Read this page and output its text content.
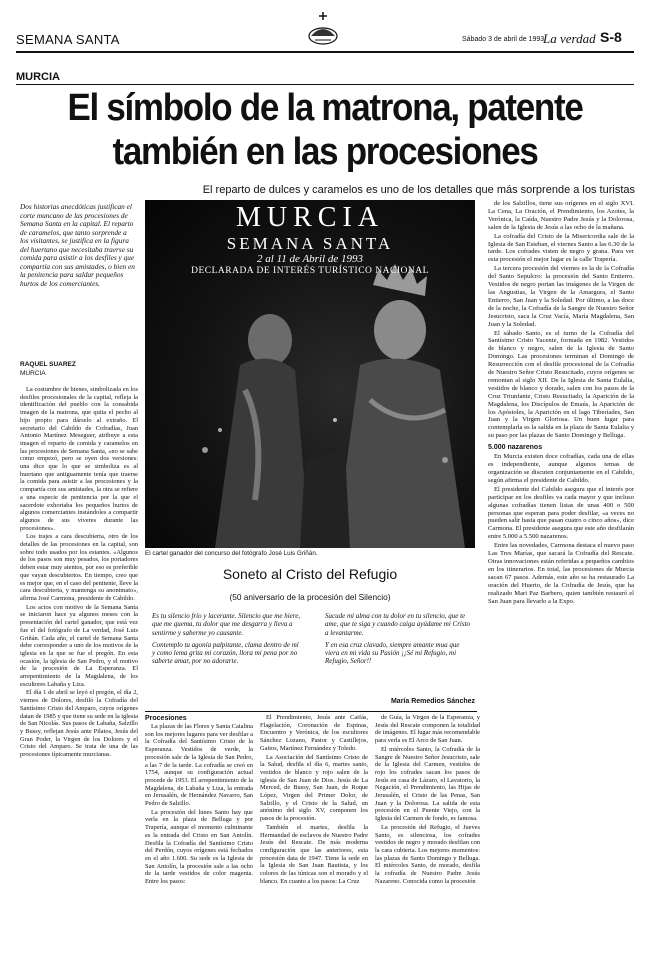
SEMANA SANTA	Sábado 3 de abril de 1993
La verdad S-8
MURCIA
El símbolo de la matrona, patente
también en las procesiones
El reparto de dulces y caramelos es uno de los detalles que más sorprende a los turistas
Dos historias anecdóticas justifican el corte muncano de las procesiones de Semana Santa en la capital. El reparto de caramelos, que tanto sorprende a los visitantes, se justifica en la figura del huertano que necesitaba traerse su comida para asistir a los desfiles y que compartía con sus amistades, o bien en la penitencia para saldar pequeños hurtos de los comerciantes.
RAQUEL SUAREZ
MURCIA
MURCIA
SEMANA SANTA
2 al 11 de Abril de 1993
DECLARADA DE INTERÉS TURÍSTICO NACIONAL
El cartel ganador del concurso del fotógrafo José Luis Griñán.

La costumbre de bienes, simbolizada en los desfiles procesionales de la capital, refleja la identificación del pueblo con la consabida imagen de la matrona, que quita el pecho al hijo propio para dárselo al extraño. El secretario del Cabildo de Cofradías, Juan Antonio Martínez Meseguer, atribuye a esta imagen el reparto de comida y caramelos en las procesiones de Semana Santa, «no se sabe como empezó, pero se oyen dos versiones: una dice que lo que se simboliza es al huertano que antiguamente tenía que traerse la comida para asistir a las procesiones y la compartía con sus amistades, la otra se refiere a una especie de penitencia por la que el sacerdote exhortaba los pequeños hurtos de algunos comerciantes instándoles a compartir algunos de sus víveres durante las procesiones».

Los trajes a cara descubierta, otro de los detalles de las procesiones en la capital, son sobre todo usados por los estantes. «Algunos de los pasos son muy pesados, los portadores deben estar muy atentos, por eso es preferible que vayan descubiertos. En tiempo, creo que es mejor que, en el caso del penitente, lleve la cara descubierta, y mantenga su anonimato», afirma José Carmona, presidente de Cabildo.

Los actos con motivo de la Semana Santa se iniciaron hace ya algunos meses con la presentación del cartel ganador, que está vez fue el del fotógrafo de La verdad, José Luis Griñán. Cada año, el cartel de Semana Santa debe corresponder a uno de los motivos de la iglesia en la que se fue el pregón. En esta ocasión, la iglesia de San Pedro, y el motivo de la procesión de La Esperanza. El arrepentimiento de la Magdalena, de los escultores Labaña y Liza.

El día 1 de abril se leyó el pregón, el día 2, viernes de Dolores, desfiló la Cofradía del Santísimo Cristo del Amparo, cuyos orígenes datan de 1985 y que tiene su sede en la iglesia de San Nicolás. Sus pasos de Labaña, Salzillo y Bussy, reflejan Jesús ante Pilatos, Jesús del Gran Poder, la Virgen de los Dolores y el Cristo del Amparo. Se trata de una de las procesiones típicamente murcianas.

Soneto al Cristo del Refugio
(50 aniversario de la procesión del Silencio)

Es tu silencio frío y lacerante. Silencio que me hiere, que me quema, tu dolor que me desgarra y lleva a sentirme y saberme yo causante.

Contemplo tu agonía palpitante, clama dentro de mí y como lema grita mi corazón, llora mi pena por no saberte amar, por no adorarte.

Sacude mi alma con tu dolor en tu silencio, que te ame, que te siga y cuando caiga ayúdame mi Cristo a levantarme.

Y en esa cruz clavado, siempre amante mua que viera en mi vida su Pasión ¡¡Sé mi Refugio, mi Refugio, Señor!!

María Remedios Sánchez
Procesiones

La plazas de las Flores y Santa Catalina son los mejores lugares para ver desfilar a la Cofradía del Santísimo Cristo de la Esperanza. Vestidos de verde, la procesión sale de la Iglesia de San Pedro, a las 7 de la tarde. La cofradía se creó en 1754, aunque su configuración actual procede de 1953. El arrepentimiento de la Magdalena, de Labaña y Liza, la entrada en Jerusalén, de Hernández Navarro, San Pedro de Salzillo.

La procesión del lunes Santo hay que verla en la plaza de Belluga y por Trapería, aunque el momento culminante es la entrada del Cristo en San Antolín. Desfila la Cofradía del Santísimo Cristo del Perdón, cuyos orígenes está fechados en el año 1.600. Su sede es la Iglesia de San Antolín, la procesión sale a las ocho de la tarde vestidos de color magenta. Entre los pasos:

El Prendimiento, Jesús ante Caifás, Flagelación, Coronación de Espinas, Encuentro y Verónica, de los escultores Sánchez Lozano, Pastor y Castillejos, Gaitos, Martínez Fernández y Toledo.

La Asociación del Santísimo Cristo de la Salud, desfila el día 6, martes santo, vestidos de blanco y rojo salen de la iglesia de San Juan de Dios. Jesús de La Merced, de Bussy, San Juan, de Roque López, Virgen del Primer Dolor, de Salzillo, y el Cristo de la Salud, un anónimo del siglo XV, componen los pasos de la procesión.

También el martes, desfila la Hermandad de esclavos de Nuestro Padre Jesús del Rescate. De más moderna configuración que las anteriores, esta procesión data de 1947. Tiene la sede en la Iglesia de San Juan Bautista, y los colores de las túnicas son el morado y el blanco. En cuanto a los pasos: La Cruz

de Guía, la Virgen de la Esperanza, y Jesús del Rescate componen la totalidad de imágenes. El lugar más recomendable para verla es El Arco de San Juan.

El miércoles Santo, la Cofradía de la Sangre de Nuestro Señor Jesucristo, sale de la Iglesia del Carmen, vestidos de rojo los cofrades sacan los pasos de Jesús en casa de Lázaro, el Lavatorio, la Negación, el Prendimiento, las Hijas de Jerusalén, el Cristo de las Penas, San Juan y la Dolorosa. La salida de esta procesión en el Puente Viejo, con la Iglesia del Carmen de fondo, es famosa.

La procesión del Refugio, el Jueves Santo, es silenciosa, los cofrades vestidos de negro y morado desfilan con la cara cubierta. Los mejores momentos: las plazas de Santo Domingo y Belluga. El miércoles Santo, de morado, desfila la cofradía de Nuestro Padre Jesús Nazareno. Conocida como la procesión

de los Salzillos, tiene sus orígenes en el siglo XVI. La Cena, La Oración, el Prendimiento, los Azotes, la Verónica, la Caída, Nuestro Padre Jesús y la Dolorosa, salen de la Iglesia de Jesús a las ocho de la mañana.

La cofradía del Cristo de la Misericordia sale de la Iglesia de San Esteban, el viernes Santo a las 6.30 de la tarde. Los cofrades visten de negro y grana. Para ver esta procesión el mejor lugar es la calle Trapería.

La tercera procesión del viernes es la de la Cofradía del Santo Sepulcro: la procesión del Santo Entierro. Vestidos de negro portan las imágenes de la Virgen de las Angustias, la Virgen de la Amargura, el Santo Entierro, San Juan y la Soledad. Por último, a las doce de la noche, la Cofradía de la Sangre de Nuestro Señor Jesucristo, saca la Cruz Vacía, María Magdalena, San Juan y la Soledad.

El sábado Santo, es el turno de la Cofradía del Santísimo Cristo Yacente, formada en 1982. Vestidos de blanco y negro, salen de la Iglesia de Santo Domingo. Las procesiones terminan el Domingo de Resurrección con el desfile procesional de la Cofradía de Nuestro Señor Cristo Resucitado, cuyos orígenes se remontan al siglo XII. De la Iglesia de Santa Eulalia, vestidos de blanco y dorado, salen con los pasos de la Cruz Triunfante, Cristo Resucitado, la Aparición de la Magdalena, los Discípulos de Emaús, la Aparición de los Apóstoles, la Aparición en el lago Tiberíades, San Juan y la Virgen Gloriosa. Un buen lugar para contemplarla es la salida en la plaza de Santa Eulalia y su paso por las plazas de Santo Domingo y Belluga.

5.000 nazarenos

En Murcia existen doce cofradías, cada una de ellas es independiente, aunque algunos temas de organización se discuten conjuntamente en el Cabildo, según afirma el presidente de Cabildo.

El presidente del Cabildo asegura que el interés por participar en los desfiles va cada mayor y que incluso algunas cofradías tienen listas de unas 400 o 500 personas que esperan para poder desfilar, «a veces no pueden salir hasta que pasan cuatro o cinco años», dice Carmona. El presidente asegura que este año desfilarán entre 5.000 a 5.500 nazarenos.

Entre las novedades, Carmona destaca el nuevo paso Las Tres Marías, que sacará la Cofradía del Rescate. Otras innovaciones están referidas a pequeños cambios en los itinerarios. En total, las procesiones de Murcia sacan 67 pasos. Además, este año se ha restaurado La oración del Huerto, de la Cofradía de Jesús, que ha realizado Mari Paz Barbero, quien también restauró el San Juan para llevarlo a la Expo.
